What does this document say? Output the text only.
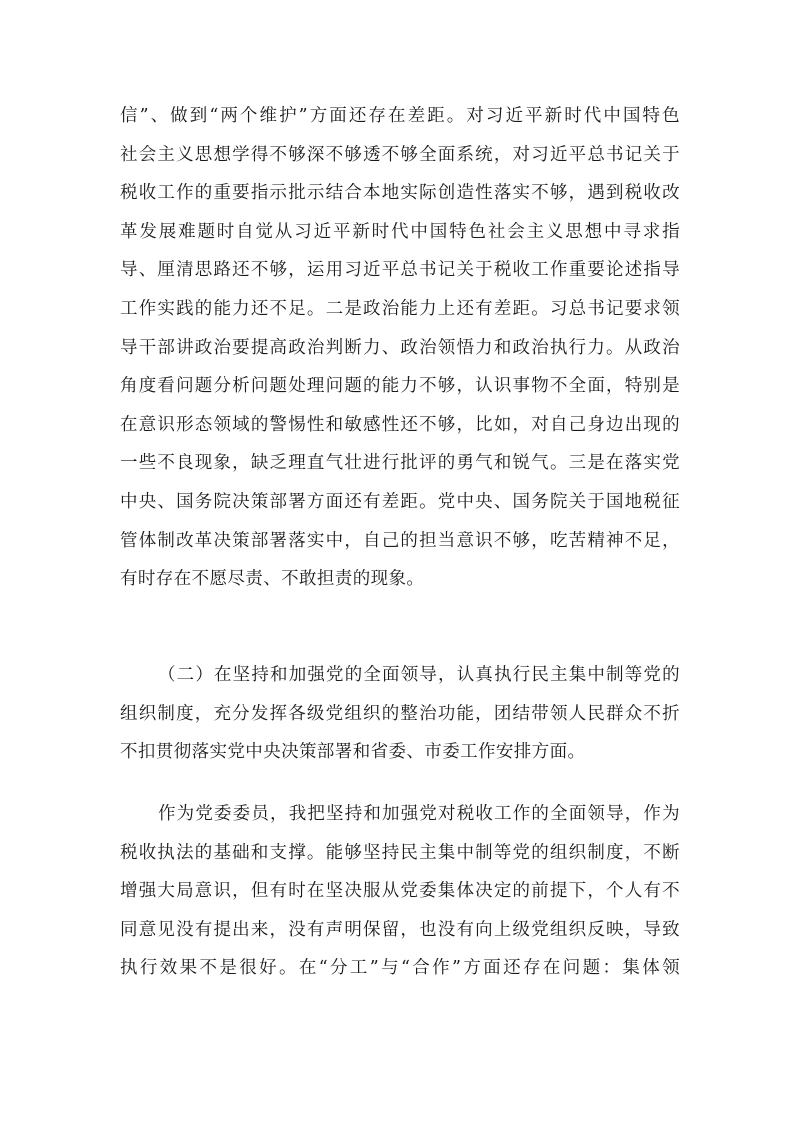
信”、做到“两个维护”方面还存在差距。对习近平新时代中国特色
社会主义思想学得不够深不够透不够全面系统，对习近平总书记关于
税收工作的重要指示批示结合本地实际创造性落实不够，遇到税收改
革发展难题时自觉从习近平新时代中国特色社会主义思想中寻求指
导、厘清思路还不够，运用习近平总书记关于税收工作重要论述指导
工作实践的能力还不足。二是政治能力上还有差距。习总书记要求领
导干部讲政治要提高政治判断力、政治领悟力和政治执行力。从政治
角度看问题分析问题处理问题的能力不够，认识事物不全面，特别是
在意识形态领域的警惕性和敏感性还不够，比如，对自己身边出现的
一些不良现象，缺乏理直气壮进行批评的勇气和锐气。三是在落实党
中央、国务院决策部署方面还有差距。党中央、国务院关于国地税征
管体制改革决策部署落实中，自己的担当意识不够，吃苦精神不足，
有时存在不愿尽责、不敢担责的现象。
（二）在坚持和加强党的全面领导，认真执行民主集中制等党的
组织制度，充分发挥各级党组织的整治功能，团结带领人民群众不折
不扣贯彻落实党中央决策部署和省委、市委工作安排方面。
作为党委委员，我把坚持和加强党对税收工作的全面领导，作为
税收执法的基础和支撑。能够坚持民主集中制等党的组织制度，不断
增强大局意识，但有时在坚决服从党委集体决定的前提下，个人有不
同意见没有提出来，没有声明保留，也没有向上级党组织反映，导致
执行效果不是很好。在“分工”与“合作”方面还存在问题：集体领
